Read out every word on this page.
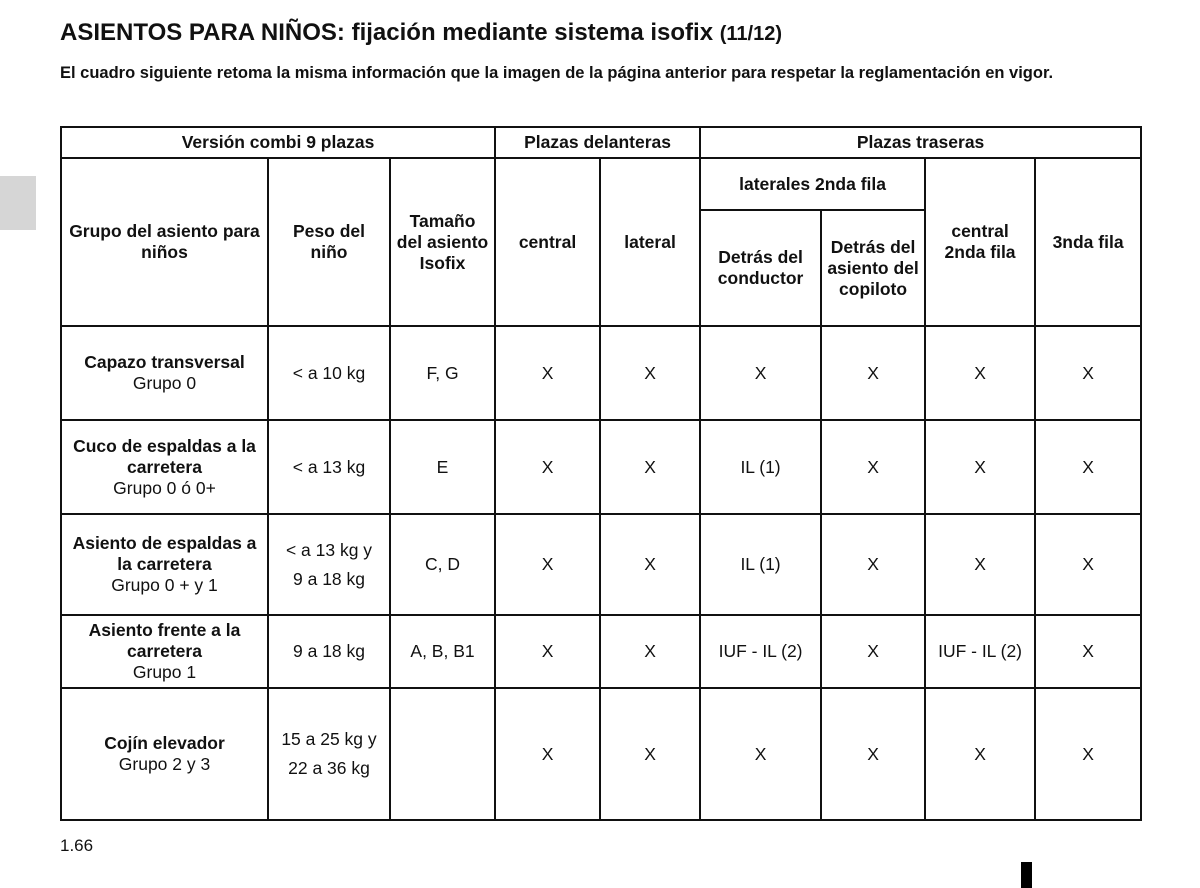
ASIENTOS PARA NIÑOS: fijación mediante sistema isofix (11/12)

El cuadro siguiente retoma la misma información que la imagen de la página anterior para respetar la reglamentación en vigor.

Versión combi 9 plazas			Plazas delanteras		Plazas traseras			
Grupo del asiento para niños	Peso del niño	Tamaño del asiento Isofix	central	lateral	laterales 2nda fila		central 2nda fila	3nda fila
					Detrás del conductor	Detrás del asiento del copiloto		

Capazo transversal
Grupo 0	< a 10 kg	F, G	X	X	X	X	X	X

Cuco de espaldas a la carretera
Grupo 0 ó 0+	< a 13 kg	E	X	X	IL (1)	X	X	X

Asiento de espaldas a la carretera
Grupo 0 + y 1	< a 13 kg y
9 a 18 kg	C, D	X	X	IL (1)	X	X	X

Asiento frente a la carretera
Grupo 1	9 a 18 kg	A, B, B1	X	X	IUF - IL (2)	X	IUF - IL (2)	X

Cojín elevador
Grupo 2 y 3	15 a 25 kg y
22 a 36 kg		X	X	X	X	X	X
1.66
